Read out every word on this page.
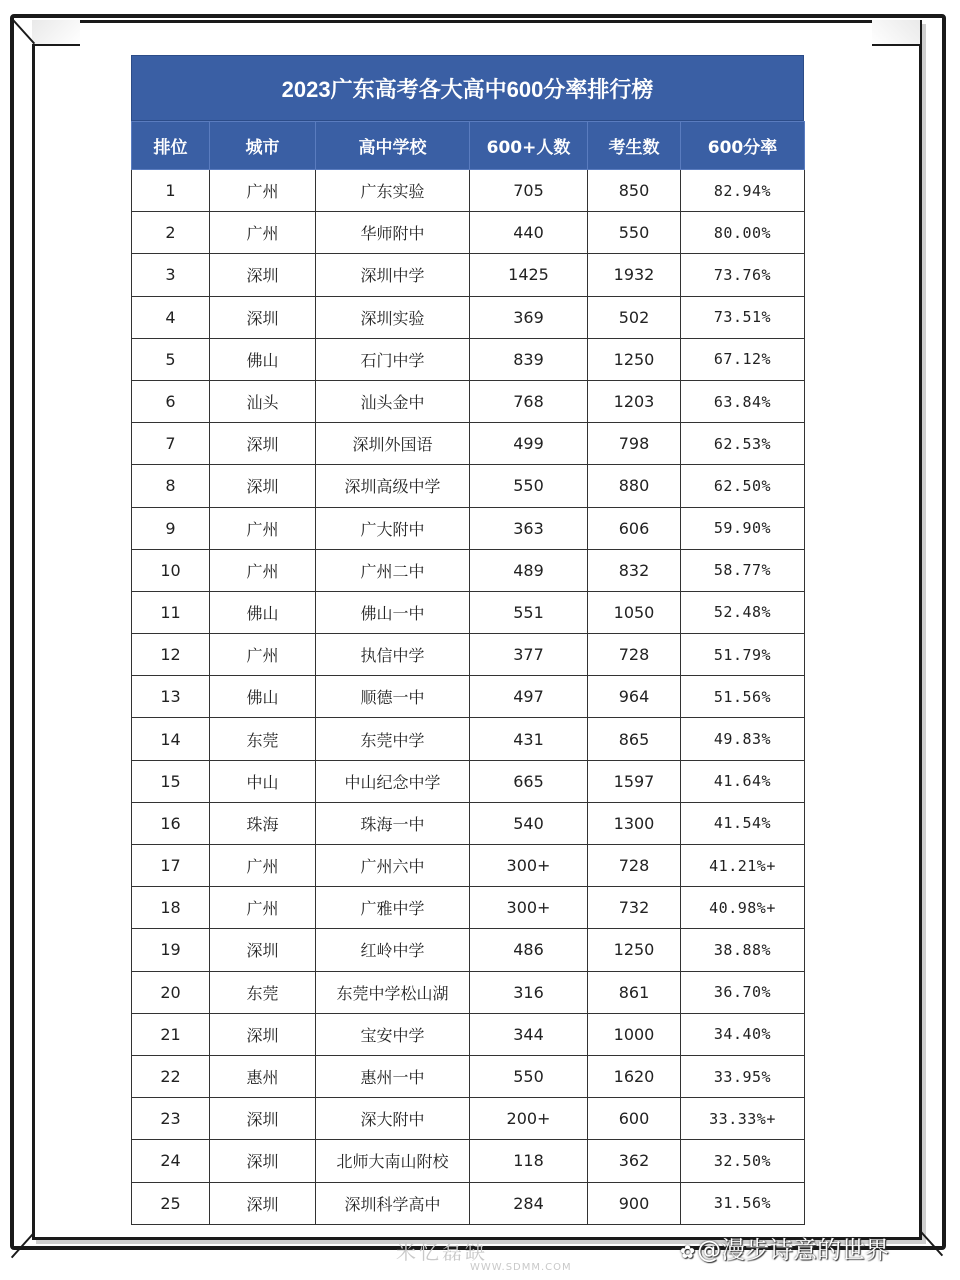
2023广东高考各大高中600分率排行榜
排位	城市	高中学校	600+人数	考生数	600分率
1	广州	广东实验	705	850	82.94%
2	广州	华师附中	440	550	80.00%
3	深圳	深圳中学	1425	1932	73.76%
4	深圳	深圳实验	369	502	73.51%
5	佛山	石门中学	839	1250	67.12%
6	汕头	汕头金中	768	1203	63.84%
7	深圳	深圳外国语	499	798	62.53%
8	深圳	深圳高级中学	550	880	62.50%
9	广州	广大附中	363	606	59.90%
10	广州	广州二中	489	832	58.77%
11	佛山	佛山一中	551	1050	52.48%
12	广州	执信中学	377	728	51.79%
13	佛山	顺德一中	497	964	51.56%
14	东莞	东莞中学	431	865	49.83%
15	中山	中山纪念中学	665	1597	41.64%
16	珠海	珠海一中	540	1300	41.54%
17	广州	广州六中	300+	728	41.21%+
18	广州	广雅中学	300+	732	40.98%+
19	深圳	红岭中学	486	1250	38.88%
20	东莞	东莞中学松山湖	316	861	36.70%
21	深圳	宝安中学	344	1000	34.40%
22	惠州	惠州一中	550	1620	33.95%
23	深圳	深大附中	200+	600	33.33%+
24	深圳	北师大南山附校	118	362	32.50%
25	深圳	深圳科学高中	284	900	31.56%
米忆磊缺
WWW.SDMM.COM
✿@漫步诗意的世界
